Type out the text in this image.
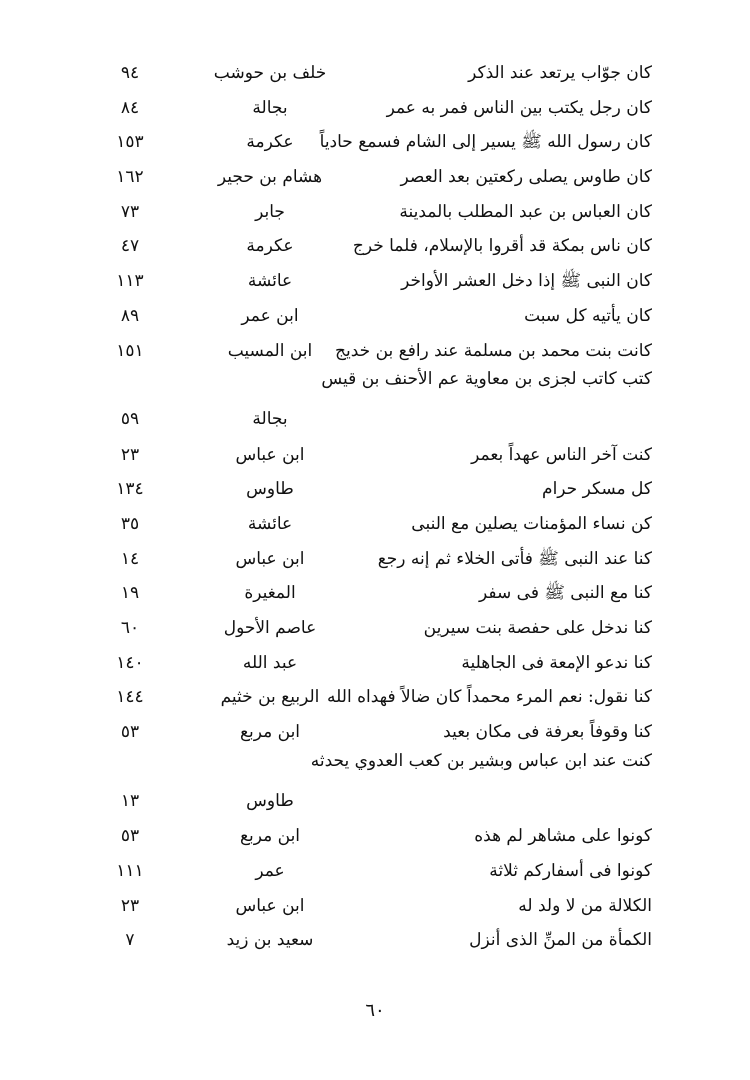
كان جوّاب يرتعد عند الذكر
خلف بن حوشب
٩٤
كان رجل يكتب بين الناس فمر به عمر
بجالة
٨٤
كان رسول الله ﷺ يسير إلى الشام فسمع حادياً
عكرمة
١٥٣
كان طاوس يصلى ركعتين بعد العصر
هشام بن حجير
١٦٢
كان العباس بن عبد المطلب بالمدينة
جابر
٧٣
كان ناس بمكة قد أقروا بالإسلام، فلما خرج
عكرمة
٤٧
كان النبى ﷺ إذا دخل العشر الأواخر
عائشة
١١٣
كان يأتيه كل سبت
ابن عمر
٨٩
كانت بنت محمد بن مسلمة عند رافع بن خديج
ابن المسيب
١٥١
كتب كاتب لجزى بن معاوية عم الأحنف بن قيس
بجالة
٥٩
كنت آخر الناس عهداً بعمر
ابن عباس
٢٣
كل مسكر حرام
طاوس
١٣٤
كن نساء المؤمنات يصلين مع النبى
عائشة
٣٥
كنا عند النبى ﷺ فأتى الخلاء ثم إنه رجع
ابن عباس
١٤
كنا مع النبى ﷺ فى سفر
المغيرة
١٩
كنا ندخل على حفصة بنت سيرين
عاصم الأحول
٦٠
كنا ندعو الإمعة فى الجاهلية
عبد الله
١٤٠
كنا نقول: نعم المرء محمداً كان ضالاً فهداه الله
الربيع بن خثيم
١٤٤
كنا وقوفاً بعرفة فى مكان بعيد
ابن مربع
٥٣
كنت عند ابن عباس وبشير بن كعب العدوي يحدثه
طاوس
١٣
كونوا على مشاهر لم هذه
ابن مربع
٥٣
كونوا فى أسفاركم ثلاثة
عمر
١١١
الكلالة من لا ولد له
ابن عباس
٢٣
الكمأة من المنِّ الذى أنزل
سعيد بن زيد
٧
٦٠
